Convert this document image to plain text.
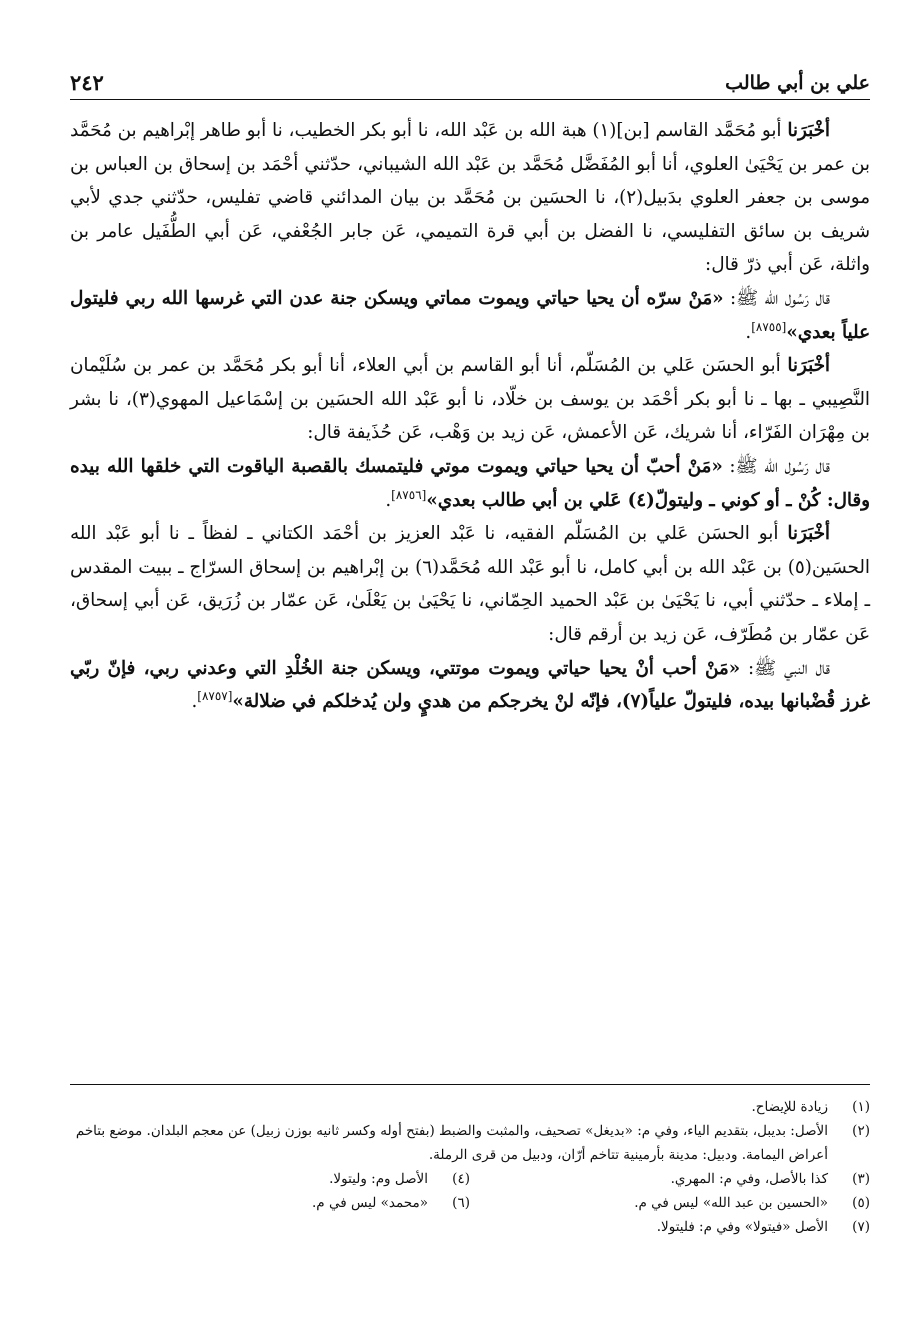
علي بن أبي طالب
٢٤٢

أخْبَرَنا أبو مُحَمَّد القاسم [بن](١) هبة الله بن عَبْد الله، نا أبو بكر الخطيب، نا أبو طاهر إبْراهيم بن مُحَمَّد بن عمر بن يَحْيَىٰ العلوي، أنا أبو المُفَضَّل مُحَمَّد بن عَبْد الله الشيباني، حدّثني أحْمَد بن إسحاق بن العباس بن موسى بن جعفر العلوي بدَبيل(٢)، نا الحسَين بن مُحَمَّد بن بيان المدائني قاضي تفليس، حدّثني جدي لأبي شريف بن سائق التفليسي، نا الفضل بن أبي قرة التميمي، عَن جابر الجُعْفي، عَن أبي الطُّفَيل عامر بن واثلة، عَن أبي ذرّ قال:

قال رَسُول الله ﷺ: «مَنْ سرّه أن يحيا حياتي ويموت مماتي ويسكن جنة عدن التي غرسها الله ربي فليتول علياً بعدي»[٨٧٥٥].

أخْبَرَنا أبو الحسَن عَلي بن المُسَلّم، أنا أبو القاسم بن أبي العلاء، أنا أبو بكر مُحَمَّد بن عمر بن سُلَيْمان النَّصِيبي ـ بها ـ نا أبو بكر أحْمَد بن يوسف بن خلّاد، نا أبو عَبْد الله الحسَين بن إسْمَاعيل المهوي(٣)، نا بشر بن مِهْرَان الفَرّاء، أنا شريك، عَن الأعمش، عَن زيد بن وَهْب، عَن حُذَيفة قال:

قال رَسُول الله ﷺ: «مَنْ أحبّ أن يحيا حياتي ويموت موتي فليتمسك بالقصبة الياقوت التي خلقها الله بيده وقال: كُنْ ـ أو كوني ـ وليتولّ(٤) عَلي بن أبي طالب بعدي»[٨٧٥٦].

أخْبَرَنا أبو الحسَن عَلي بن المُسَلّم الفقيه، نا عَبْد العزيز بن أحْمَد الكتاني ـ لفظاً ـ نا أبو عَبْد الله الحسَين(٥) بن عَبْد الله بن أبي كامل، نا أبو عَبْد الله مُحَمَّد(٦) بن إبْراهيم بن إسحاق السرّاج ـ ببيت المقدس ـ إملاء ـ حدّثني أبي، نا يَحْيَىٰ بن عَبْد الحميد الحِمّاني، نا يَحْيَىٰ بن يَعْلَىٰ، عَن عمّار بن زُرَيق، عَن أبي إسحاق، عَن عمّار بن مُطَرّف، عَن زيد بن أرقم قال:

قال النبي ﷺ: «مَنْ أحب أنْ يحيا حياتي ويموت موتتي، ويسكن جنة الخُلْدِ التي وعدني ربي، فإنّ ربّي غرز قُضْبانها بيده، فليتولّ علياً(٧)، فإنّه لنْ يخرجكم من هديٍ ولن يُدخلكم في ضلالة»[٨٧٥٧].

(١)
زيادة للإيضاح.
(٢)
الأصل: بديبل، بتقديم الياء، وفي م: «بديغل» تصحيف، والمثبت والضبط (بفتح أوله وكسر ثانيه بوزن زبيل) عن معجم البلدان. موضع بتاخم أعراض اليمامة. ودبيل: مدينة بأرمينية تتاخم أرّان، ودبيل من قرى الرملة.
(٣)
كذا بالأصل، وفي م: المهري.
(٤)
الأصل وم: وليتولا.
(٥)
«الحسين بن عبد الله» ليس في م.
(٦)
«محمد» ليس في م.
(٧)
الأصل «فيتولا» وفي م: فليتولا.
